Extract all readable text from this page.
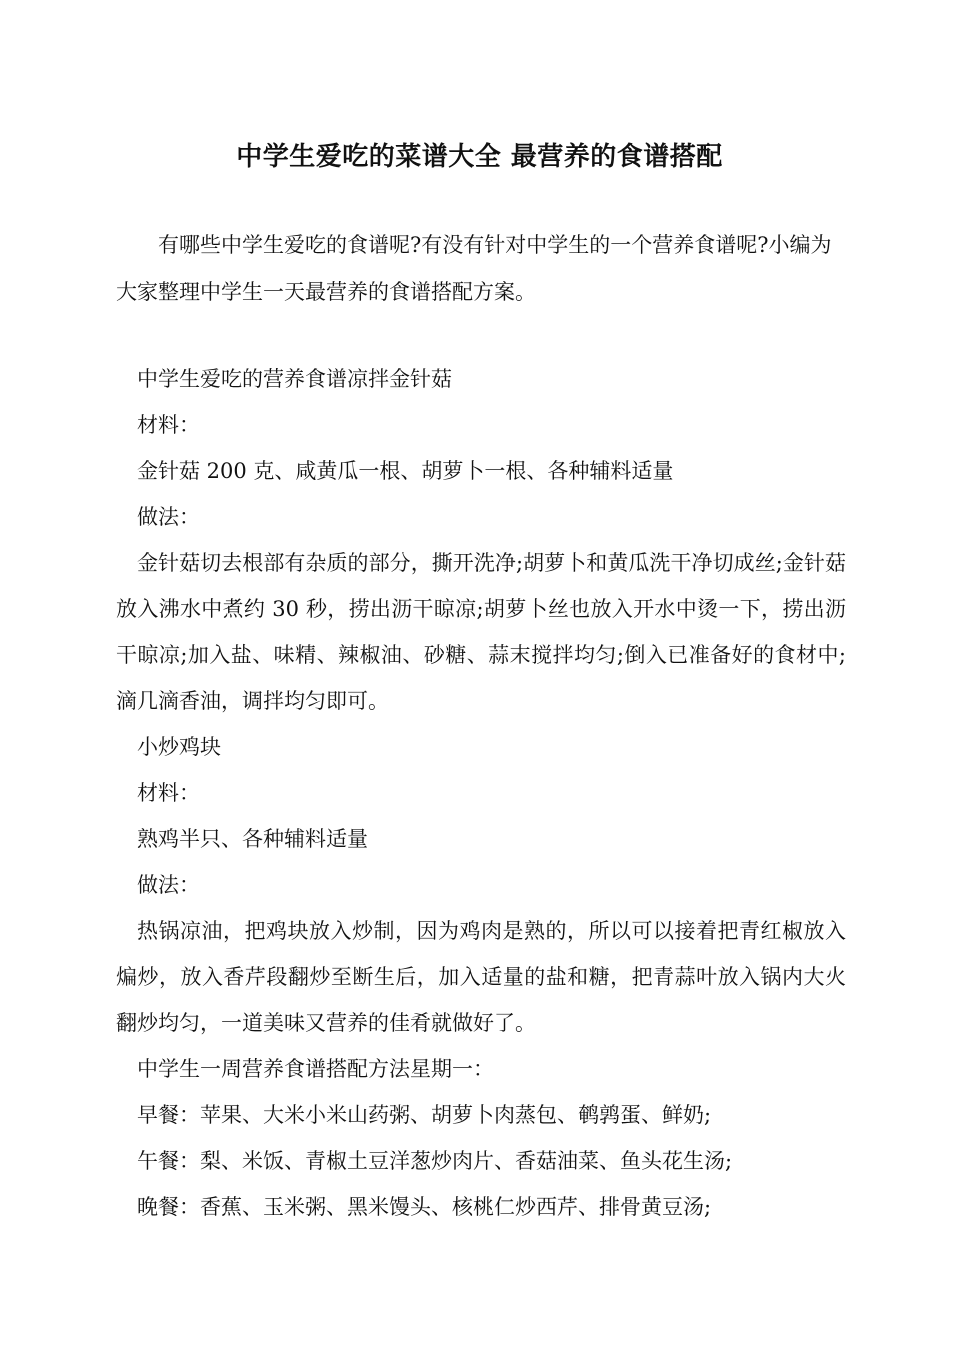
中学生爱吃的菜谱大全 最营养的食谱搭配
有哪些中学生爱吃的食谱呢?有没有针对中学生的一个营养食谱呢?小编为大家整理中学生一天最营养的食谱搭配方案。

中学生爱吃的营养食谱凉拌金针菇

材料：

金针菇 200 克、咸黄瓜一根、胡萝卜一根、各种辅料适量

做法：

金针菇切去根部有杂质的部分，撕开洗净;胡萝卜和黄瓜洗干净切成丝;金针菇放入沸水中煮约 30 秒，捞出沥干晾凉;胡萝卜丝也放入开水中烫一下，捞出沥干晾凉;加入盐、味精、辣椒油、砂糖、蒜末搅拌均匀;倒入已准备好的食材中;滴几滴香油，调拌均匀即可。

小炒鸡块

材料：

熟鸡半只、各种辅料适量

做法：

热锅凉油，把鸡块放入炒制，因为鸡肉是熟的，所以可以接着把青红椒放入煸炒，放入香芹段翻炒至断生后，加入适量的盐和糖，把青蒜叶放入锅内大火翻炒均匀，一道美味又营养的佳肴就做好了。

中学生一周营养食谱搭配方法星期一：

早餐：苹果、大米小米山药粥、胡萝卜肉蒸包、鹌鹑蛋、鲜奶;

午餐：梨、米饭、青椒土豆洋葱炒肉片、香菇油菜、鱼头花生汤;

晚餐：香蕉、玉米粥、黑米馒头、核桃仁炒西芹、排骨黄豆汤;
